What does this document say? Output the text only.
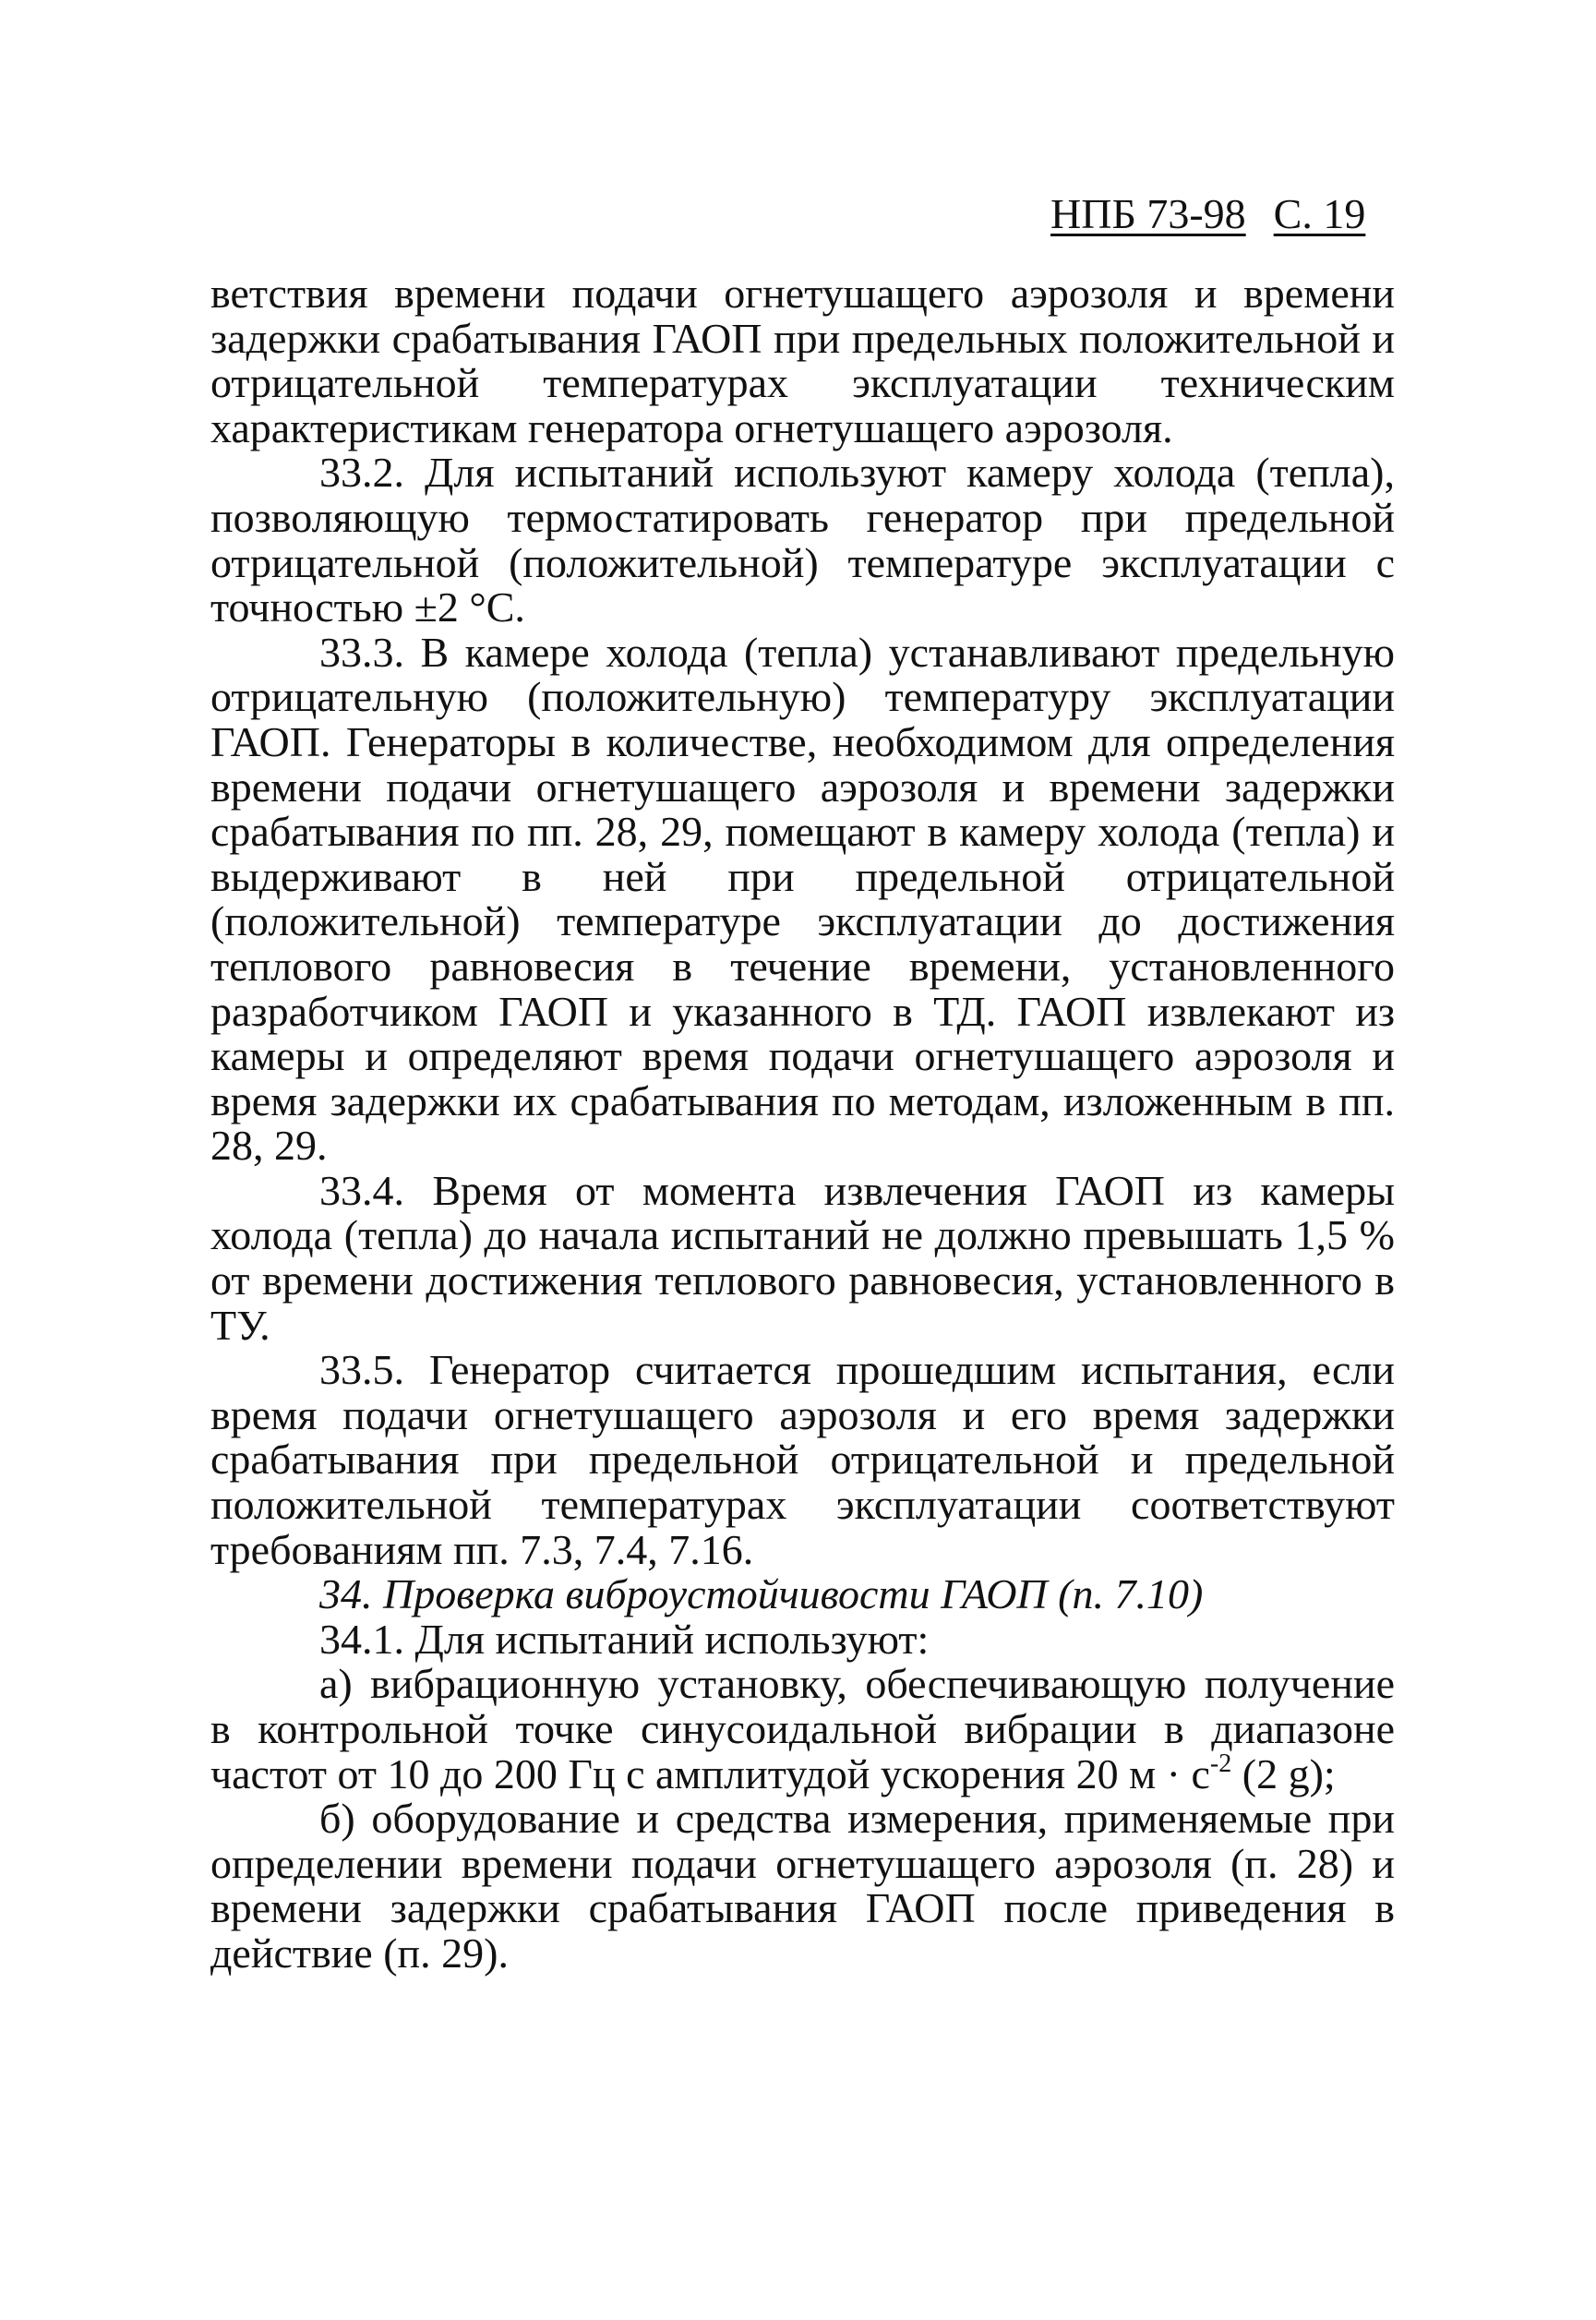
НПБ 73-98 С. 19

ветствия времени подачи огнетушащего аэрозоля и времени задержки срабатывания ГАОП при предельных положительной и отрицательной температурах эксплуатации техническим характеристикам генератора огнетушащего аэрозоля.

33.2. Для испытаний используют камеру холода (тепла), позволяющую термостатировать генератор при предельной отрицательной (положительной) температуре эксплуатации с точностью ±2 °С.

33.3. В камере холода (тепла) устанавливают предельную отрицательную (положительную) температуру эксплуатации ГАОП. Генераторы в количестве, необходимом для определения времени подачи огнетушащего аэрозоля и времени задержки срабатывания по пп. 28, 29, помещают в камеру холода (тепла) и выдерживают в ней при предельной отрицательной (положительной) температуре эксплуатации до достижения теплового равновесия в течение времени, установленного разработчиком ГАОП и указанного в ТД. ГАОП извлекают из камеры и определяют время подачи огнетушащего аэрозоля и время задержки их срабатывания по методам, изложенным в пп. 28, 29.

33.4. Время от момента извлечения ГАОП из камеры холода (тепла) до начала испытаний не должно превышать 1,5 % от времени достижения теплового равновесия, установленного в ТУ.

33.5. Генератор считается прошедшим испытания, если время подачи огнетушащего аэрозоля и его время задержки срабатывания при предельной отрицательной и предельной положительной температурах эксплуатации соответствуют требованиям пп. 7.3, 7.4, 7.16.

34. Проверка виброустойчивости ГАОП (п. 7.10)

34.1. Для испытаний используют:

а) вибрационную установку, обеспечивающую получение в контрольной точке синусоидальной вибрации в диапазоне частот от 10 до 200 Гц с амплитудой ускорения 20 $м \cdot с^{-2}$ (2 g);

б) оборудование и средства измерения, применяемые при определении времени подачи огнетушащего аэрозоля (п. 28) и времени задержки срабатывания ГАОП после приведения в действие (п. 29).
